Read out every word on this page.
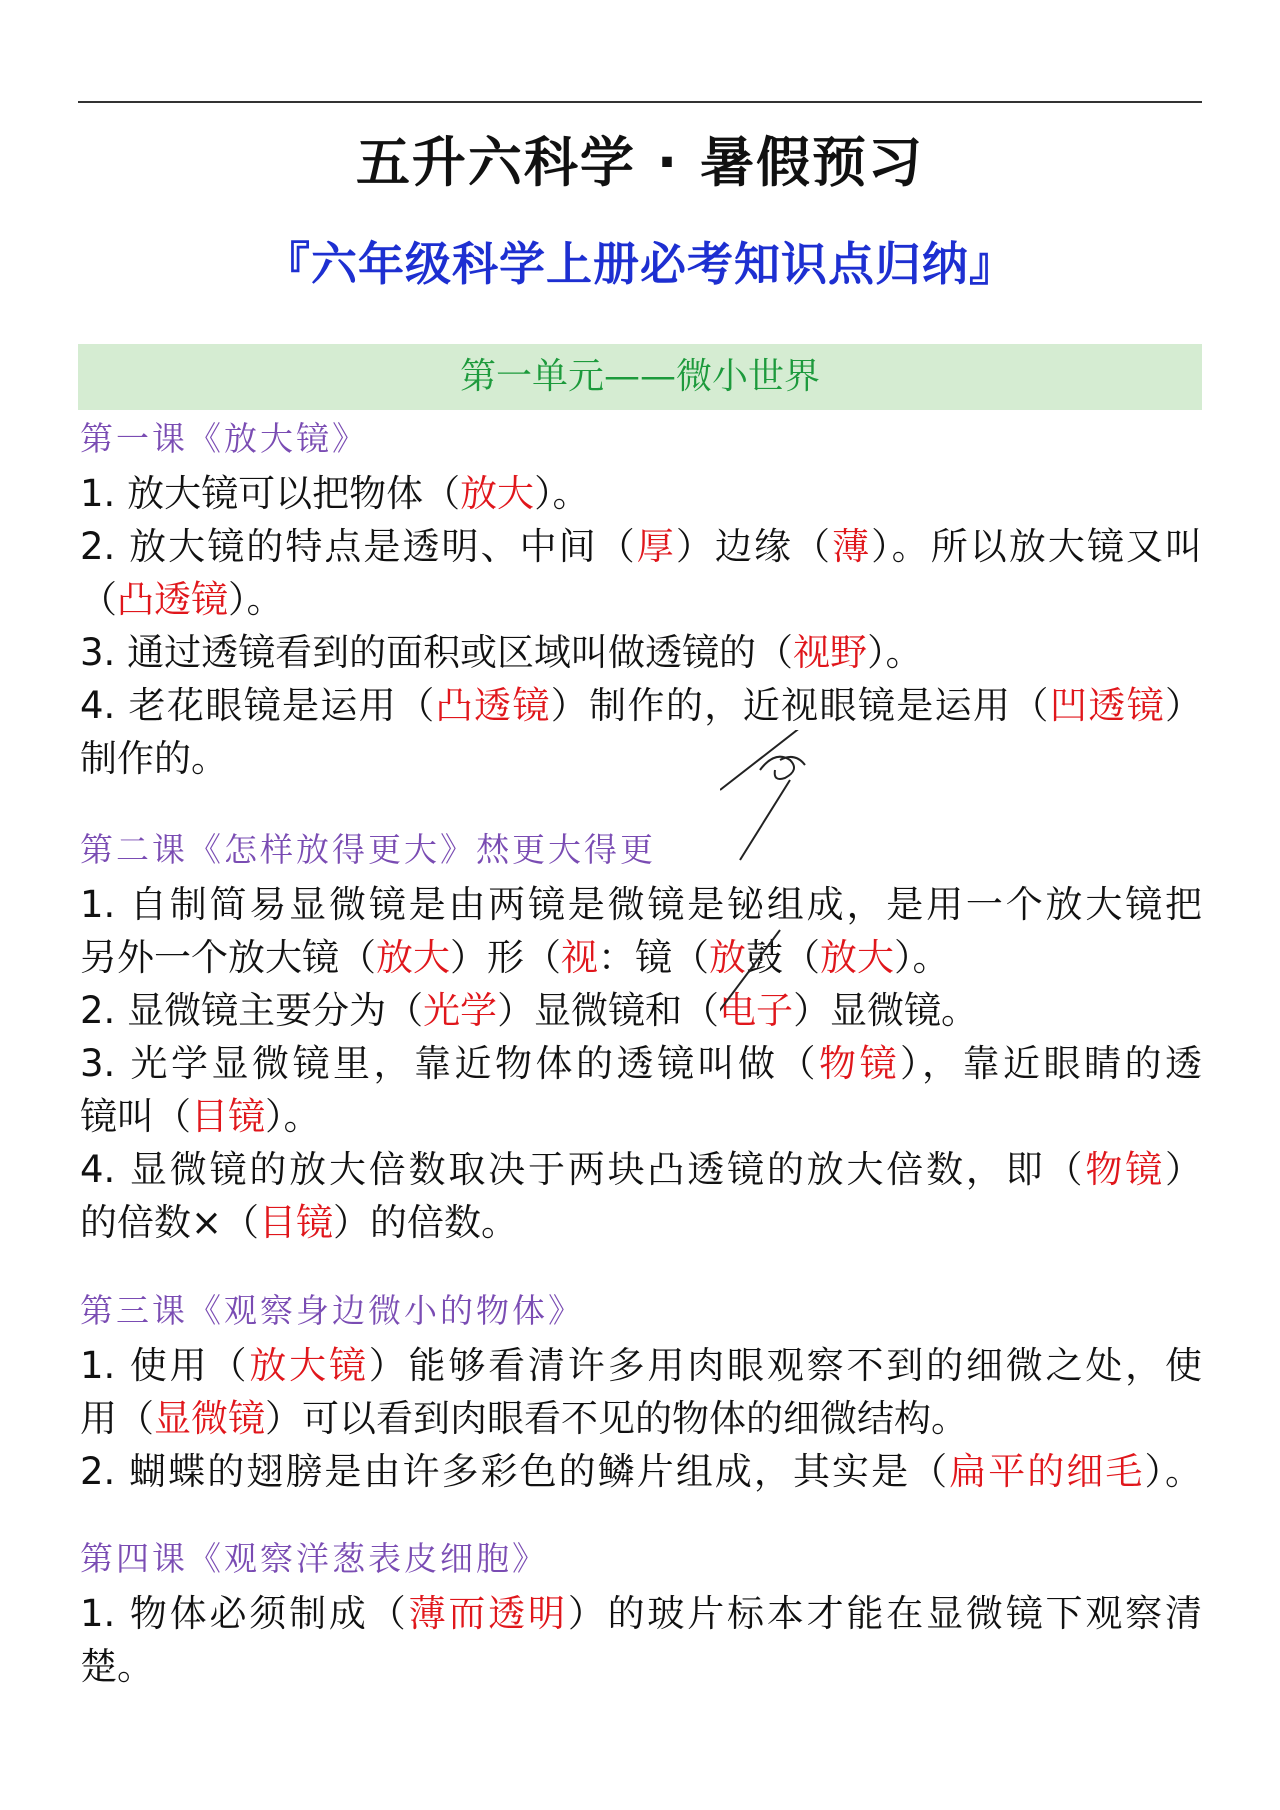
五升六科学 · 暑假预习
『六年级科学上册必考知识点归纳』
第一单元——微小世界
第一课《放大镜》
1. 放大镜可以把物体（放大）。
2. 放大镜的特点是透明、中间（厚）边缘（薄）。所以放大镜又叫
（凸透镜）。
3. 通过透镜看到的面积或区域叫做透镜的（视野）。
4. 老花眼镜是运用（凸透镜）制作的，近视眼镜是运用（凹透镜）
制作的。
第二课《怎样放得更大》㷊更大得更
1. 自制简易显微镜是由两镜是微镜是铋组成，是用一个放大镜把
另外一个放大镜（放大）形（视：镜（放鼓（放大）。
2. 显微镜主要分为（光学）显微镜和（电子）显微镜。
3. 光学显微镜里，靠近物体的透镜叫做（物镜），靠近眼睛的透
镜叫（目镜）。
4. 显微镜的放大倍数取决于两块凸透镜的放大倍数，即（物镜）
的倍数×（目镜）的倍数。
第三课《观察身边微小的物体》
1. 使用（放大镜）能够看清许多用肉眼观察不到的细微之处，使
用（显微镜）可以看到肉眼看不见的物体的细微结构。
2. 蝴蝶的翅膀是由许多彩色的鳞片组成，其实是（扁平的细毛）。
第四课《观察洋葱表皮细胞》
1. 物体必须制成（薄而透明）的玻片标本才能在显微镜下观察清
楚。
